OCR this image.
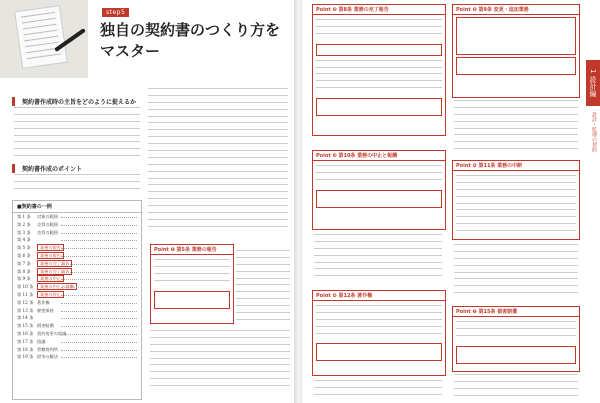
step5
独自の契約書のつくり方を
マスター
契約書作成時の主旨をどのように捉えるか
契約書作成のポイント
■契約書の一例
第 1 条 対象の範囲
第 2 条 売買の範囲
第 3 条 売買の範囲
第 4 条
第 5 条 業務の報告
第 6 条 業務の報告
第 7 条 業務の完了報告
第 8 条 業務の完了報告
第 9 条 業務の中止
第 10 条 業務の中止と報酬
第 11 条 業務の停止
第 12 条 著作権
第 13 条 秘密保持
第 14 条
第 15 条 損害賠償
第 16 条 契約変更の協議
第 17 条 協議
第 18 条 管轄裁判所
第 19 条 紛争の解決
Point ❶ 第5条 業務の報告
Point ❷ 第8条 業務の完了報告
Point ❸ 第10条 業務の中止と報酬
Point ❹ 第12条 著作権
Point ❺ 第9条 変更・追加業務
Point ❻ 第11条 業務の中断
Point ❼ 第15条 損害賠償
1 設計編
設計・監理の契約
